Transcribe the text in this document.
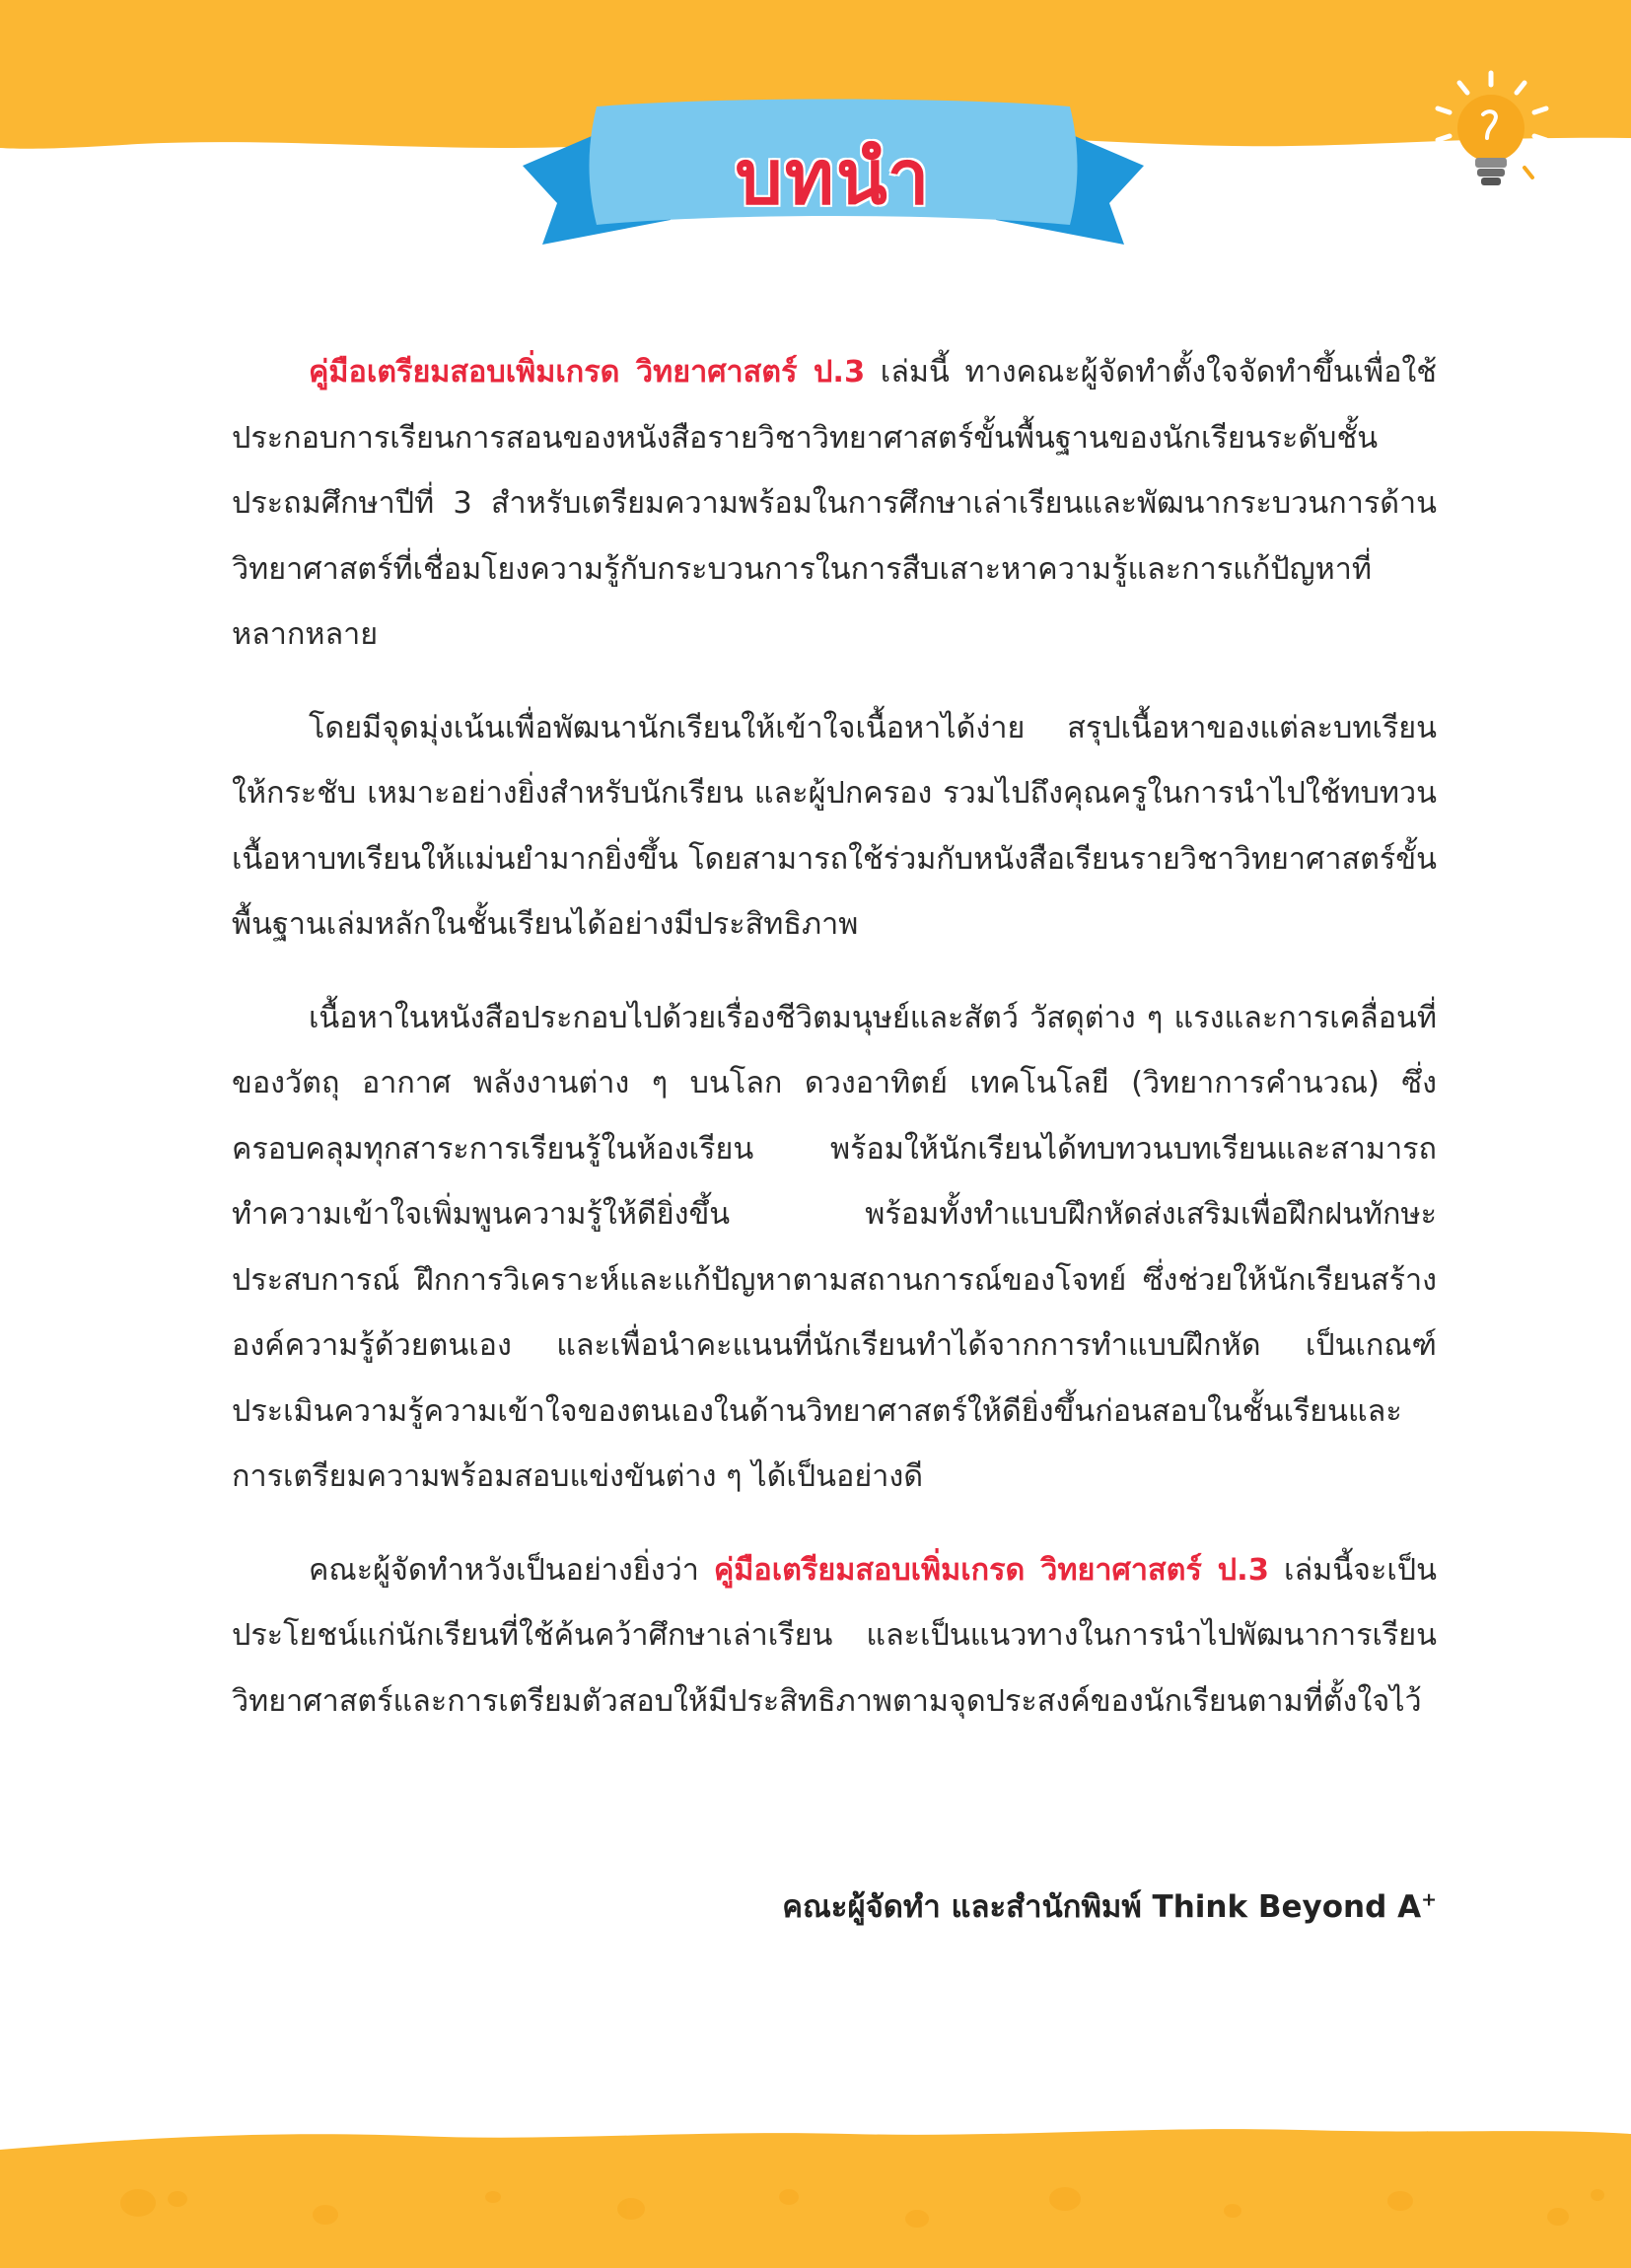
บทนำ

คู่มือเตรียมสอบเพิ่มเกรด วิทยาศาสตร์ ป.3 เล่มนี้ ทางคณะผู้จัดทำตั้งใจจัดทำขึ้นเพื่อใช้ประกอบการเรียนการสอนของหนังสือรายวิชาวิทยาศาสตร์ขั้นพื้นฐานของนักเรียนระดับชั้นประถมศึกษาปีที่ 3 สำหรับเตรียมความพร้อมในการศึกษาเล่าเรียนและพัฒนากระบวนการด้านวิทยาศาสตร์ที่เชื่อมโยงความรู้กับกระบวนการในการสืบเสาะหาความรู้และการแก้ปัญหาที่หลากหลาย

โดยมีจุดมุ่งเน้นเพื่อพัฒนานักเรียนให้เข้าใจเนื้อหาได้ง่าย สรุปเนื้อหาของแต่ละบทเรียนให้กระชับ เหมาะอย่างยิ่งสำหรับนักเรียน และผู้ปกครอง รวมไปถึงคุณครูในการนำไปใช้ทบทวนเนื้อหาบทเรียนให้แม่นยำมากยิ่งขึ้น โดยสามารถใช้ร่วมกับหนังสือเรียนรายวิชาวิทยาศาสตร์ขั้นพื้นฐานเล่มหลักในชั้นเรียนได้อย่างมีประสิทธิภาพ

เนื้อหาในหนังสือประกอบไปด้วยเรื่องชีวิตมนุษย์และสัตว์ วัสดุต่าง ๆ แรงและการเคลื่อนที่ของวัตถุ อากาศ พลังงานต่าง ๆ บนโลก ดวงอาทิตย์ เทคโนโลยี (วิทยาการคำนวณ) ซึ่งครอบคลุมทุกสาระการเรียนรู้ในห้องเรียน พร้อมให้นักเรียนได้ทบทวนบทเรียนและสามารถทำความเข้าใจเพิ่มพูนความรู้ให้ดียิ่งขึ้น พร้อมทั้งทำแบบฝึกหัดส่งเสริมเพื่อฝึกฝนทักษะประสบการณ์ ฝึกการวิเคราะห์และแก้ปัญหาตามสถานการณ์ของโจทย์ ซึ่งช่วยให้นักเรียนสร้างองค์ความรู้ด้วยตนเอง และเพื่อนำคะแนนที่นักเรียนทำได้จากการทำแบบฝึกหัด เป็นเกณฑ์ประเมินความรู้ความเข้าใจของตนเองในด้านวิทยาศาสตร์ให้ดียิ่งขึ้นก่อนสอบในชั้นเรียนและการเตรียมความพร้อมสอบแข่งขันต่าง ๆ ได้เป็นอย่างดี

คณะผู้จัดทำหวังเป็นอย่างยิ่งว่า คู่มือเตรียมสอบเพิ่มเกรด วิทยาศาสตร์ ป.3 เล่มนี้จะเป็นประโยชน์แก่นักเรียนที่ใช้ค้นคว้าศึกษาเล่าเรียน และเป็นแนวทางในการนำไปพัฒนาการเรียนวิทยาศาสตร์และการเตรียมตัวสอบให้มีประสิทธิภาพตามจุดประสงค์ของนักเรียนตามที่ตั้งใจไว้

คณะผู้จัดทำ และสำนักพิมพ์ Think Beyond A+
